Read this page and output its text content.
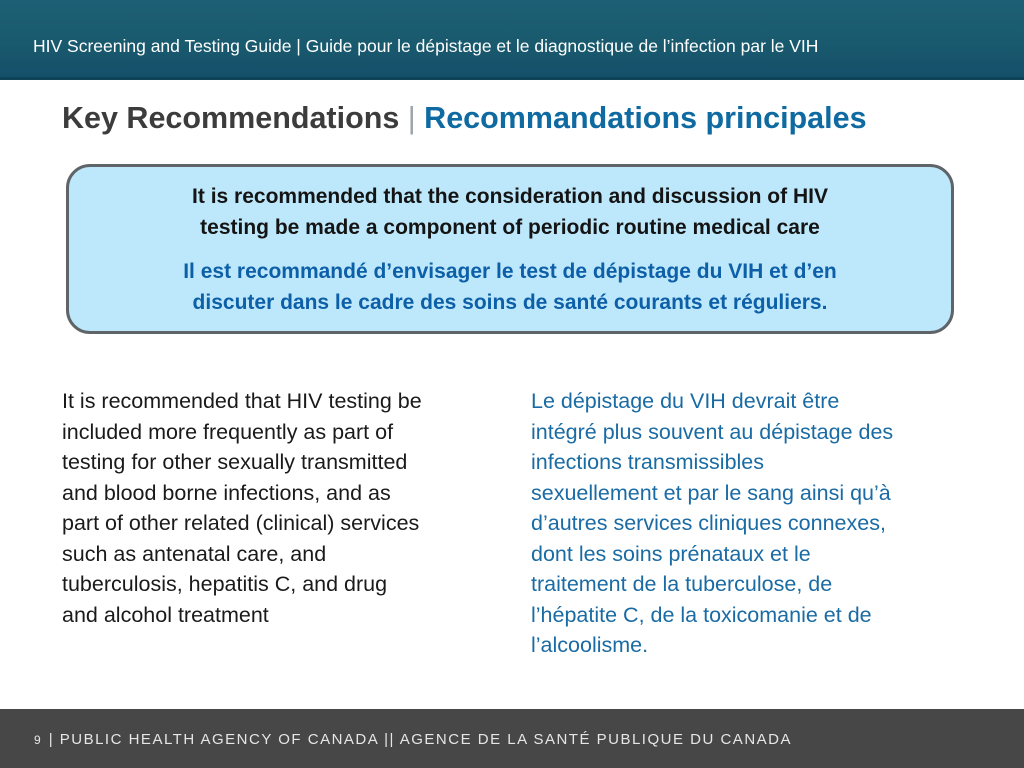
HIV Screening and Testing Guide | Guide pour le dépistage et le diagnostique de l’infection par le VIH
Key Recommendations | Recommandations principales
It is recommended that the consideration and discussion of HIV
testing be made a component of periodic routine medical care
Il est recommandé d’envisager le test de dépistage du VIH et d’en
discuter dans le cadre des soins de santé courants et réguliers.
It is recommended that HIV testing be
included more frequently as part of
testing for other sexually transmitted
and blood borne infections, and as
part of other related (clinical) services
such as antenatal care, and
tuberculosis, hepatitis C, and drug
and alcohol treatment
Le dépistage du VIH devrait être
intégré plus souvent au dépistage des
infections transmissibles
sexuellement et par le sang ainsi qu’à
d’autres services cliniques connexes,
dont les soins prénataux et le
traitement de la tuberculose, de
l’hépatite C, de la toxicomanie et de
l’alcoolisme.
9 | PUBLIC HEALTH AGENCY OF CANADA || AGENCE DE LA SANTÉ PUBLIQUE DU CANADA
